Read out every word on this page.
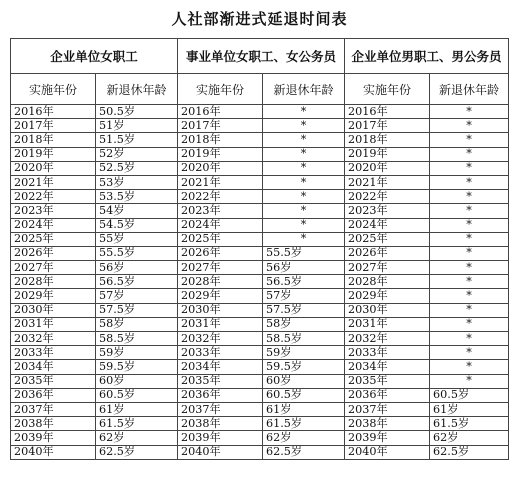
人社部渐进式延退时间表
企业单位女职工		事业单位女职工、女公务员		企业单位男职工、男公务员	
实施年份	新退休年龄	实施年份	新退休年龄	实施年份	新退休年龄
2016年	50.5岁	2016年	*	2016年	*
2017年	51岁	2017年	*	2017年	*
2018年	51.5岁	2018年	*	2018年	*
2019年	52岁	2019年	*	2019年	*
2020年	52.5岁	2020年	*	2020年	*
2021年	53岁	2021年	*	2021年	*
2022年	53.5岁	2022年	*	2022年	*
2023年	54岁	2023年	*	2023年	*
2024年	54.5岁	2024年	*	2024年	*
2025年	55岁	2025年	*	2025年	*
2026年	55.5岁	2026年	55.5岁	2026年	*
2027年	56岁	2027年	56岁	2027年	*
2028年	56.5岁	2028年	56.5岁	2028年	*
2029年	57岁	2029年	57岁	2029年	*
2030年	57.5岁	2030年	57.5岁	2030年	*
2031年	58岁	2031年	58岁	2031年	*
2032年	58.5岁	2032年	58.5岁	2032年	*
2033年	59岁	2033年	59岁	2033年	*
2034年	59.5岁	2034年	59.5岁	2034年	*
2035年	60岁	2035年	60岁	2035年	*
2036年	60.5岁	2036年	60.5岁	2036年	60.5岁
2037年	61岁	2037年	61岁	2037年	61岁
2038年	61.5岁	2038年	61.5岁	2038年	61.5岁
2039年	62岁	2039年	62岁	2039年	62岁
2040年	62.5岁	2040年	62.5岁	2040年	62.5岁
